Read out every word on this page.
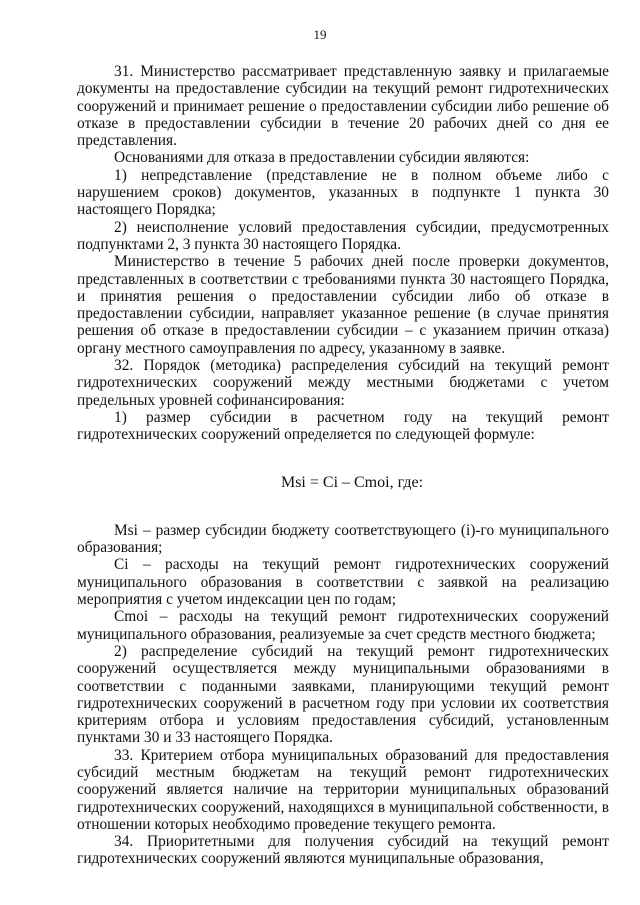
19

31. Министерство рассматривает представленную заявку и прилагаемые документы на предоставление субсидии на текущий ремонт гидротехнических сооружений и принимает решение о предоставлении субсидии либо решение об отказе в предоставлении субсидии в течение 20 рабочих дней со дня ее представления.

Основаниями для отказа в предоставлении субсидии являются:

1) непредставление (представление не в полном объеме либо с нарушением сроков) документов, указанных в подпункте 1 пункта 30 настоящего Порядка;

2) неисполнение условий предоставления субсидии, предусмотренных подпунктами 2, 3 пункта 30 настоящего Порядка.

Министерство в течение 5 рабочих дней после проверки документов, представленных в соответствии с требованиями пункта 30 настоящего Порядка, и принятия решения о предоставлении субсидии либо об отказе в предоставлении субсидии, направляет указанное решение (в случае принятия решения об отказе в предоставлении субсидии – с указанием причин отказа) органу местного самоуправления по адресу, указанному в заявке.

32. Порядок (методика) распределения субсидий на текущий ремонт гидротехнических сооружений между местными бюджетами с учетом предельных уровней софинансирования:

1) размер субсидии в расчетном году на текущий ремонт гидротехнических сооружений определяется по следующей формуле:

Msi = Ci – Cmoi, где:

Msi – размер субсидии бюджету соответствующего (i)-го муниципального образования;

Ci – расходы на текущий ремонт гидротехнических сооружений муниципального образования в соответствии с заявкой на реализацию мероприятия с учетом индексации цен по годам;

Cmoi – расходы на текущий ремонт гидротехнических сооружений муниципального образования, реализуемые за счет средств местного бюджета;

2) распределение субсидий на текущий ремонт гидротехнических сооружений осуществляется между муниципальными образованиями в соответствии с поданными заявками, планирующими текущий ремонт гидротехнических сооружений в расчетном году при условии их соответствия критериям отбора и условиям предоставления субсидий, установленным пунктами 30 и 33 настоящего Порядка.

33. Критерием отбора муниципальных образований для предоставления субсидий местным бюджетам на текущий ремонт гидротехнических сооружений является наличие на территории муниципальных образований гидротехнических сооружений, находящихся в муниципальной собственности, в отношении которых необходимо проведение текущего ремонта.

34. Приоритетными для получения субсидий на текущий ремонт гидротехнических сооружений являются муниципальные образования,
